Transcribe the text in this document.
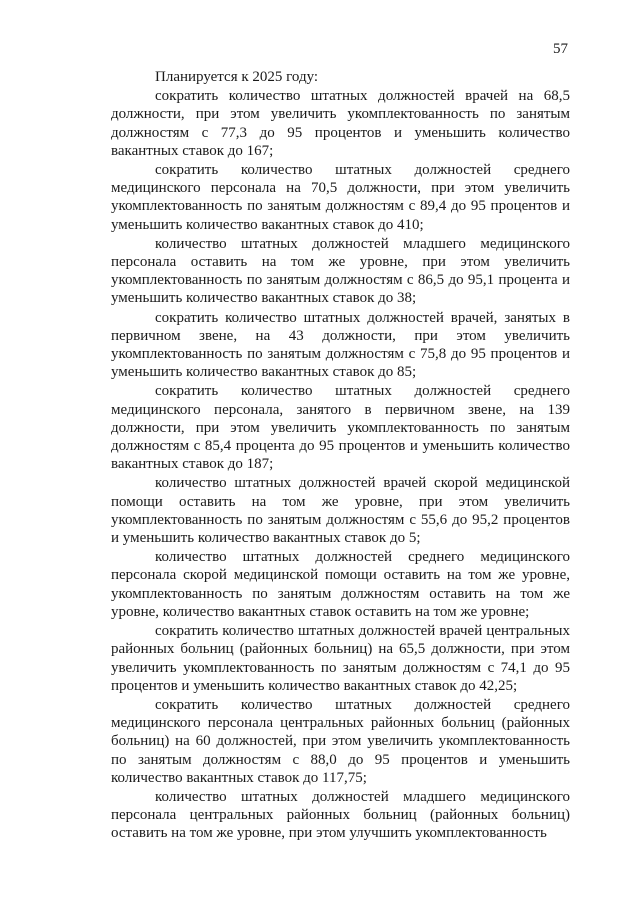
57

Планируется к 2025 году:

сократить количество штатных должностей врачей на 68,5 должности, при этом увеличить укомплектованность по занятым должностям с 77,3 до 95 процентов и уменьшить количество вакантных ставок до 167;

сократить количество штатных должностей среднего медицинского персонала на 70,5 должности, при этом увеличить укомплектованность по занятым должностям с 89,4 до 95 процентов и уменьшить количество вакантных ставок до 410;

количество штатных должностей младшего медицинского персонала оставить на том же уровне, при этом увеличить укомплектованность по занятым должностям с 86,5 до 95,1 процента и уменьшить количество вакантных ставок до 38;

сократить количество штатных должностей врачей, занятых в первичном звене, на 43 должности, при этом увеличить укомплектованность по занятым должностям с 75,8 до 95 процентов и уменьшить количество вакантных ставок до 85;

сократить количество штатных должностей среднего медицинского персонала, занятого в первичном звене, на 139 должности, при этом увеличить укомплектованность по занятым должностям с 85,4 процента до 95 процентов и уменьшить количество вакантных ставок до 187;

количество штатных должностей врачей скорой медицинской помощи оставить на том же уровне, при этом увеличить укомплектованность по занятым должностям с 55,6 до 95,2 процентов и уменьшить количество вакантных ставок до 5;

количество штатных должностей среднего медицинского персонала скорой медицинской помощи оставить на том же уровне, укомплектованность по занятым должностям оставить на том же уровне, количество вакантных ставок оставить на том же уровне;

сократить количество штатных должностей врачей центральных районных больниц (районных больниц) на 65,5 должности, при этом увеличить укомплектованность по занятым должностям с 74,1 до 95 процентов и уменьшить количество вакантных ставок до 42,25;

сократить количество штатных должностей среднего медицинского персонала центральных районных больниц (районных больниц) на 60 должностей, при этом увеличить укомплектованность по занятым должностям с 88,0 до 95 процентов и уменьшить количество вакантных ставок до 117,75;

количество штатных должностей младшего медицинского персонала центральных районных больниц (районных больниц) оставить на том же уровне, при этом улучшить укомплектованность
